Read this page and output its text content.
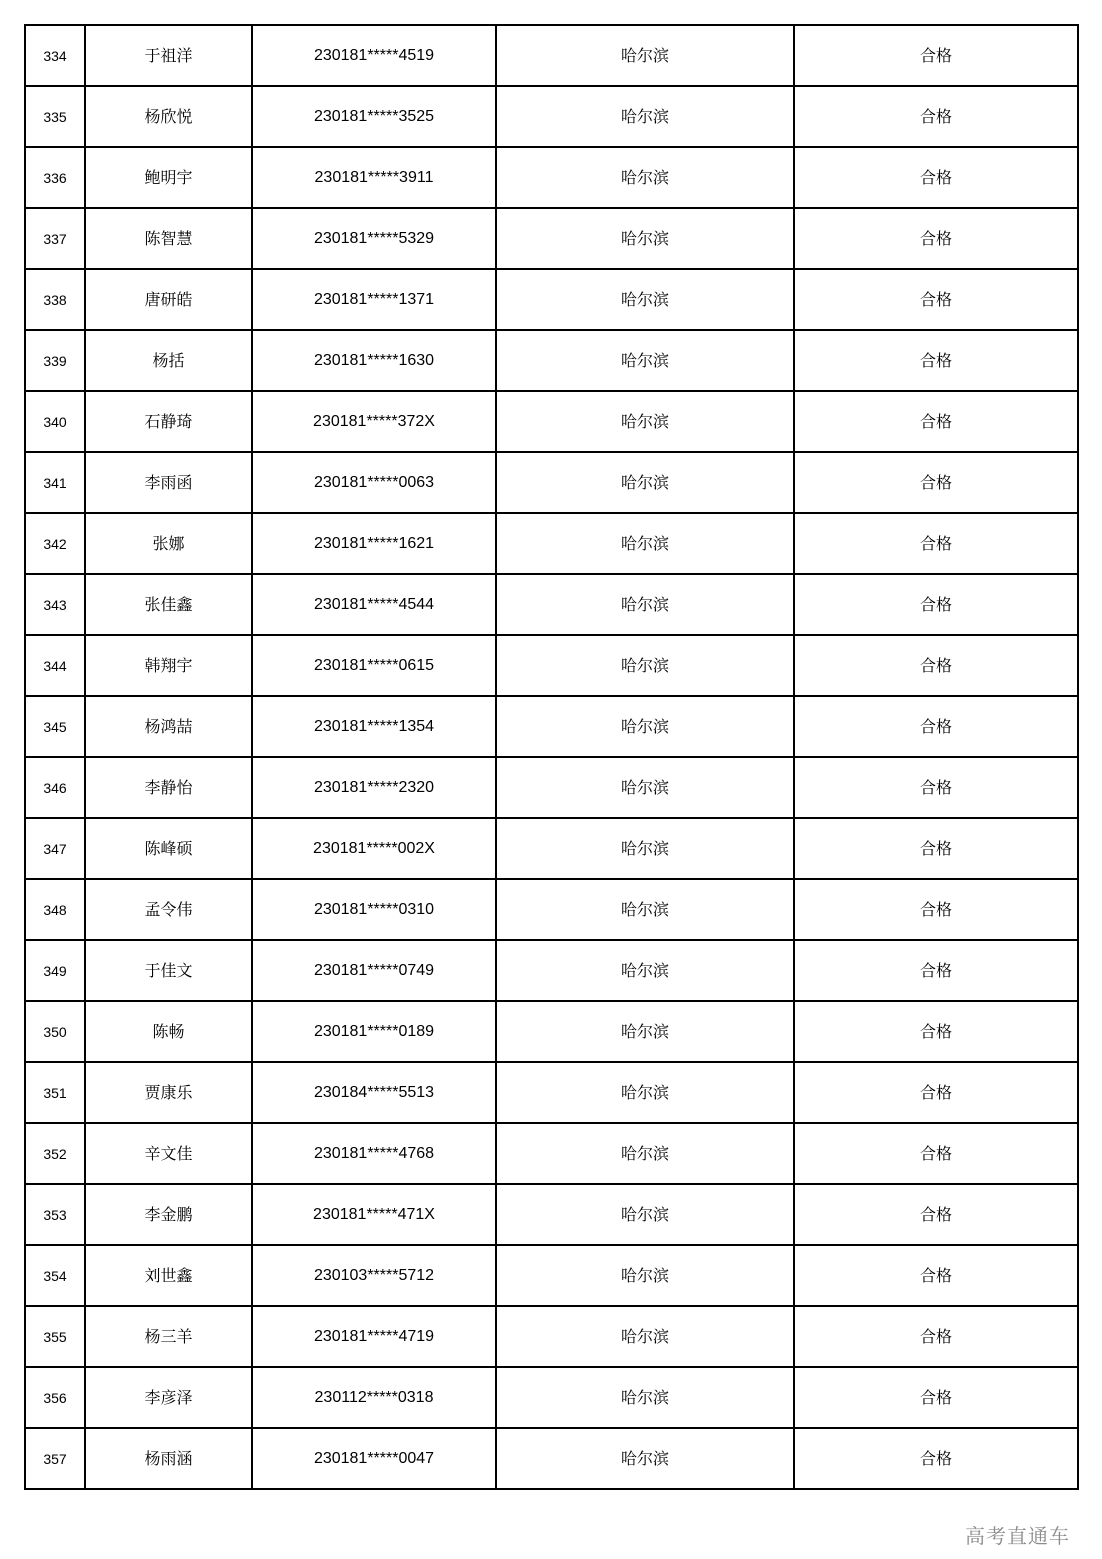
334	于祖洋	230181*****4519	哈尔滨	合格
335	杨欣悦	230181*****3525	哈尔滨	合格
336	鲍明宇	230181*****3911	哈尔滨	合格
337	陈智慧	230181*****5329	哈尔滨	合格
338	唐研皓	230181*****1371	哈尔滨	合格
339	杨括	230181*****1630	哈尔滨	合格
340	石静琦	230181*****372X	哈尔滨	合格
341	李雨函	230181*****0063	哈尔滨	合格
342	张娜	230181*****1621	哈尔滨	合格
343	张佳鑫	230181*****4544	哈尔滨	合格
344	韩翔宇	230181*****0615	哈尔滨	合格
345	杨鸿喆	230181*****1354	哈尔滨	合格
346	李静怡	230181*****2320	哈尔滨	合格
347	陈峰硕	230181*****002X	哈尔滨	合格
348	孟令伟	230181*****0310	哈尔滨	合格
349	于佳文	230181*****0749	哈尔滨	合格
350	陈畅	230181*****0189	哈尔滨	合格
351	贾康乐	230184*****5513	哈尔滨	合格
352	辛文佳	230181*****4768	哈尔滨	合格
353	李金鹏	230181*****471X	哈尔滨	合格
354	刘世鑫	230103*****5712	哈尔滨	合格
355	杨三羊	230181*****4719	哈尔滨	合格
356	李彦泽	230112*****0318	哈尔滨	合格
357	杨雨涵	230181*****0047	哈尔滨	合格
高考直通车
